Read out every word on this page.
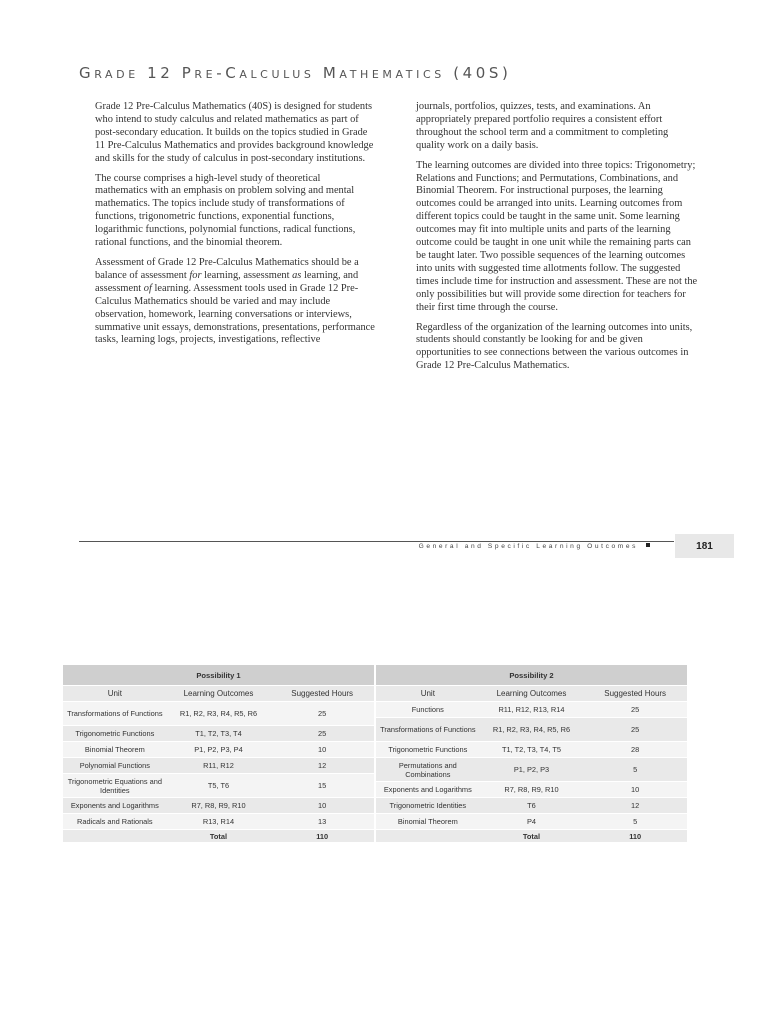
Grade 12 Pre-Calculus Mathematics (40S)

Grade 12 Pre-Calculus Mathematics (40S) is designed for students who intend to study calculus and related mathematics as part of post-secondary education. It builds on the topics studied in Grade 11 Pre-Calculus Mathematics and provides background knowledge and skills for the study of calculus in post-secondary institutions.

The course comprises a high-level study of theoretical mathematics with an emphasis on problem solving and mental mathematics. The topics include study of transformations of functions, trigonometric functions, exponential functions, logarithmic functions, polynomial functions, radical functions, rational functions, and the binomial theorem.

Assessment of Grade 12 Pre-Calculus Mathematics should be a balance of assessment for learning, assessment as learning, and assessment of learning. Assessment tools used in Grade 12 Pre-Calculus Mathematics should be varied and may include observation, homework, learning conversations or interviews, summative unit essays, demonstrations, presentations, performance tasks, learning logs, projects, investigations, reflective

journals, portfolios, quizzes, tests, and examinations. An appropriately prepared portfolio requires a consistent effort throughout the school term and a commitment to completing quality work on a daily basis.

The learning outcomes are divided into three topics: Trigonometry; Relations and Functions; and Permutations, Combinations, and Binomial Theorem. For instructional purposes, the learning outcomes could be arranged into units. Learning outcomes from different topics could be taught in the same unit. Some learning outcomes may fit into multiple units and parts of the learning outcome could be taught in one unit while the remaining parts can be taught later. Two possible sequences of the learning outcomes into units with suggested time allotments follow. The suggested times include time for instruction and assessment. These are not the only possibilities but will provide some direction for teachers for their first time through the course.

Regardless of the organization of the learning outcomes into units, students should constantly be looking for and be given opportunities to see connections between the various outcomes in Grade 12 Pre-Calculus Mathematics.

General and Specific Learning Outcomes	181
Possibility 1		
Unit	Learning Outcomes	Suggested Hours
Transformations of Functions	R1, R2, R3, R4, R5, R6	25
Trigonometric Functions	T1, T2, T3, T4	25
Binomial Theorem	P1, P2, P3, P4	10
Polynomial Functions	R11, R12	12
Trigonometric Equations and Identities	T5, T6	15
Exponents and Logarithms	R7, R8, R9, R10	10
Radicals and Rationals	R13, R14	13
	Total	110
Possibility 2		
Unit	Learning Outcomes	Suggested Hours
Functions	R11, R12, R13, R14	25
Transformations of Functions	R1, R2, R3, R4, R5, R6	25
Trigonometric Functions	T1, T2, T3, T4, T5	28
Permutations and Combinations	P1, P2, P3	5
Exponents and Logarithms	R7, R8, R9, R10	10
Trigonometric Identities	T6	12
Binomial Theorem	P4	5
	Total	110
